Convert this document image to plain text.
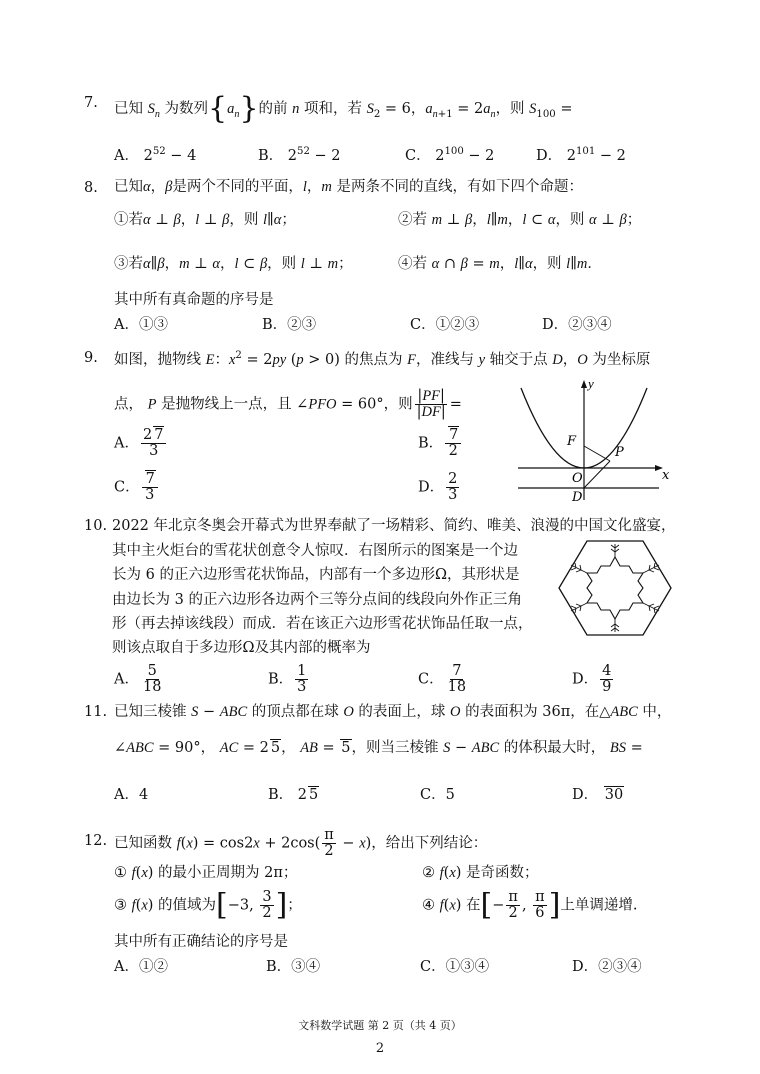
7. 已知 $S_n$ 为数列$\{a_n\}$的前 n 项和，若 $S_2 = 6$，$a_{n+1} = 2a_n$，则 $S_{100}$ =
A． $2^{52} - 4$	B． $2^{52} - 2$	C． $2^{100} - 2$	D． $2^{101} - 2$
8. 已知α，β是两个不同的平面，l，m 是两条不同的直线，有如下四个命题：
①若α ⊥ β，l ⊥ β，则 l∥α；	②若 m ⊥ β，l∥m，l ⊂ α，则 α ⊥ β；
③若α∥β，m ⊥ α，l ⊂ β，则 l ⊥ m；	④若 α ∩ β = m，l∥α，则 l∥m．
其中所有真命题的序号是
A．①③	B．②③	C．①②③	D．②③④
9. 如图，抛物线 E：$x^2 = 2py$ (p > 0) 的焦点为 F，准线与 y 轴交于点 D，O 为坐标原
点， P 是抛物线上一点，且 ∠PFO = 60°，则 $\frac{|PF|}{|DF|}$ =
A． $\frac{2 7}{3}$	B． $\frac{7}{2}$
C． $\frac{7}{3}$	D． $\frac{2}{3}$
y
F
P
O	x
D
10. 2022 年北京冬奥会开幕式为世界奉献了一场精彩、简约、唯美、浪漫的中国文化盛宴，
其中主火炬台的雪花状创意令人惊叹．右图所示的图案是一个边
长为 6 的正六边形雪花状饰品，内部有一个多边形Ω，其形状是
由边长为 3 的正六边形各边两个三等分点间的线段向外作正三角
形（再去掉该线段）而成．若在该正六边形雪花状饰品任取一点，
则该点取自于多边形Ω及其内部的概率为
A． $\frac{5}{18}$	B． $\frac{1}{3}$	C． $\frac{7}{18}$	D． $\frac{4}{9}$
11. 已知三棱锥 S − ABC 的顶点都在球 O 的表面上，球 O 的表面积为 36π，在△ABC 中，
∠ABC = 90°， AC = 2 5， AB = 5，则当三棱锥 S − ABC 的体积最大时， BS =
A．4	B． 2 5	C．5	D． 30
12. 已知函数 $f(x) = \cos 2x + 2\cos( \frac{\pi}{2} - x)$，给出下列结论：
① f(x) 的最小正周期为 2π；	② f(x) 是奇函数；
③ f(x) 的值域为[−3, $\frac{3}{2}$ ]；	④ f(x) 在[− $\frac{\pi}{2}$ , $\frac{\pi}{6}$ ]上单调递增.
其中所有正确结论的序号是
A．①②	B．③④	C．①③④	D．②③④
文科数学试题 第 2 页（共 4 页）
2
